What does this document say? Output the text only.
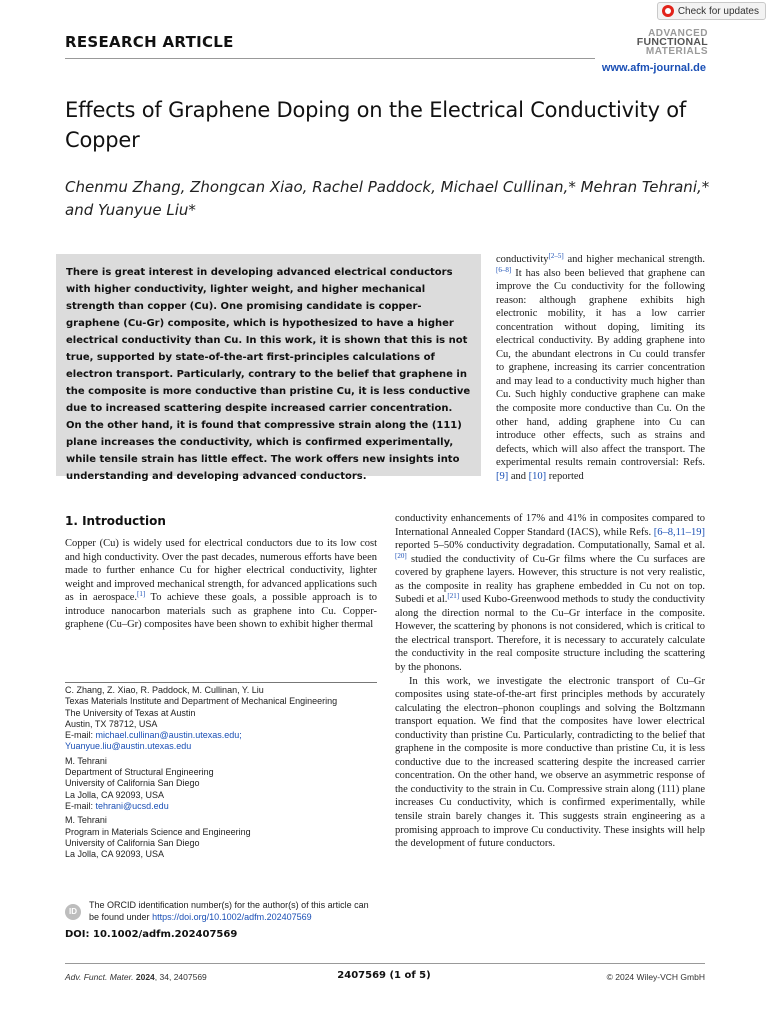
Check for updates
RESEARCH ARTICLE	ADVANCED
FUNCTIONAL
MATERIALS
www.afm-journal.de
Effects of Graphene Doping on the Electrical Conductivity of Copper
Chenmu Zhang, Zhongcan Xiao, Rachel Paddock, Michael Cullinan,* Mehran Tehrani,* and Yuanyue Liu*
There is great interest in developing advanced electrical conductors with higher conductivity, lighter weight, and higher mechanical strength than copper (Cu). One promising candidate is copper-graphene (Cu-Gr) composite, which is hypothesized to have a higher electrical conductivity than Cu. In this work, it is shown that this is not true, supported by state-of-the-art first-principles calculations of electron transport. Particularly, contrary to the belief that graphene in the composite is more conductive than pristine Cu, it is less conductive due to increased scattering despite increased carrier concentration. On the other hand, it is found that compressive strain along the (111) plane increases the conductivity, which is confirmed experimentally, while tensile strain has little effect. The work offers new insights into understanding and developing advanced conductors.
conductivity[2–5] and higher mechanical strength.[6–8] It has also been believed that graphene can improve the Cu conductivity for the following reason: although graphene exhibits high electronic mobility, it has a low carrier concentration without doping, limiting its electrical conductivity. By adding graphene into Cu, the abundant electrons in Cu could transfer to graphene, increasing its carrier concentration and may lead to a conductivity much higher than Cu. Such highly conductive graphene can make the composite more conductive than Cu. On the other hand, adding graphene into Cu can introduce other effects, such as strains and defects, which will also affect the transport. The experimental results remain controversial: Refs. [9] and [10] reported

conductivity enhancements of 17% and 41% in composites compared to International Annealed Copper Standard (IACS), while Refs. [6–8,11–19] reported 5–50% conductivity degradation. Computationally, Samal et al.[20] studied the conductivity of Cu-Gr films where the Cu surfaces are covered by graphene layers. However, this structure is not very realistic, as the composite in reality has graphene embedded in Cu not on top. Subedi et al.[21] used Kubo-Greenwood methods to study the conductivity along the direction normal to the Cu–Gr interface in the composite. However, the scattering by phonons is not considered, which is critical to the electrical transport. Therefore, it is necessary to accurately calculate the conductivity in the real composite structure including the scattering by the phonons.

In this work, we investigate the electronic transport of Cu–Gr composites using state-of-the-art first principles methods by accurately calculating the electron–phonon couplings and solving the Boltzmann transport equation. We find that the composites have lower electrical conductivity than pristine Cu. Particularly, contradicting to the belief that graphene in the composite is more conductive than pristine Cu, it is less conductive due to the increased scattering despite the increased carrier concentration. On the other hand, we observe an asymmetric response of the conductivity to the strain in Cu. Compressive strain along (111) plane increases Cu conductivity, which is confirmed experimentally, while tensile strain barely changes it. This suggests strain engineering as a promising approach to improve Cu conductivity. These insights will help the development of future conductors.

1. Introduction
Copper (Cu) is widely used for electrical conductors due to its low cost and high conductivity. Over the past decades, numerous efforts have been made to further enhance Cu for higher electrical conductivity, lighter weight and improved mechanical strength, for advanced applications such as in aerospace.[1] To achieve these goals, a possible approach is to introduce nanocarbon materials such as graphene into Cu. Copper-graphene (Cu–Gr) composites have been shown to exhibit higher thermal
C. Zhang, Z. Xiao, R. Paddock, M. Cullinan, Y. Liu
Texas Materials Institute and Department of Mechanical Engineering
The University of Texas at Austin
Austin, TX 78712, USA
E-mail: michael.cullinan@austin.utexas.edu;
Yuanyue.liu@austin.utexas.edu
M. Tehrani
Department of Structural Engineering
University of California San Diego
La Jolla, CA 92093, USA
E-mail: tehrani@ucsd.edu
M. Tehrani
Program in Materials Science and Engineering
University of California San Diego
La Jolla, CA 92093, USA
ID
The ORCID identification number(s) for the author(s) of this article can be found under https://doi.org/10.1002/adfm.202407569
DOI: 10.1002/adfm.202407569
Adv. Funct. Mater. 2024, 34, 2407569	2407569 (1 of 5)	© 2024 Wiley-VCH GmbH
